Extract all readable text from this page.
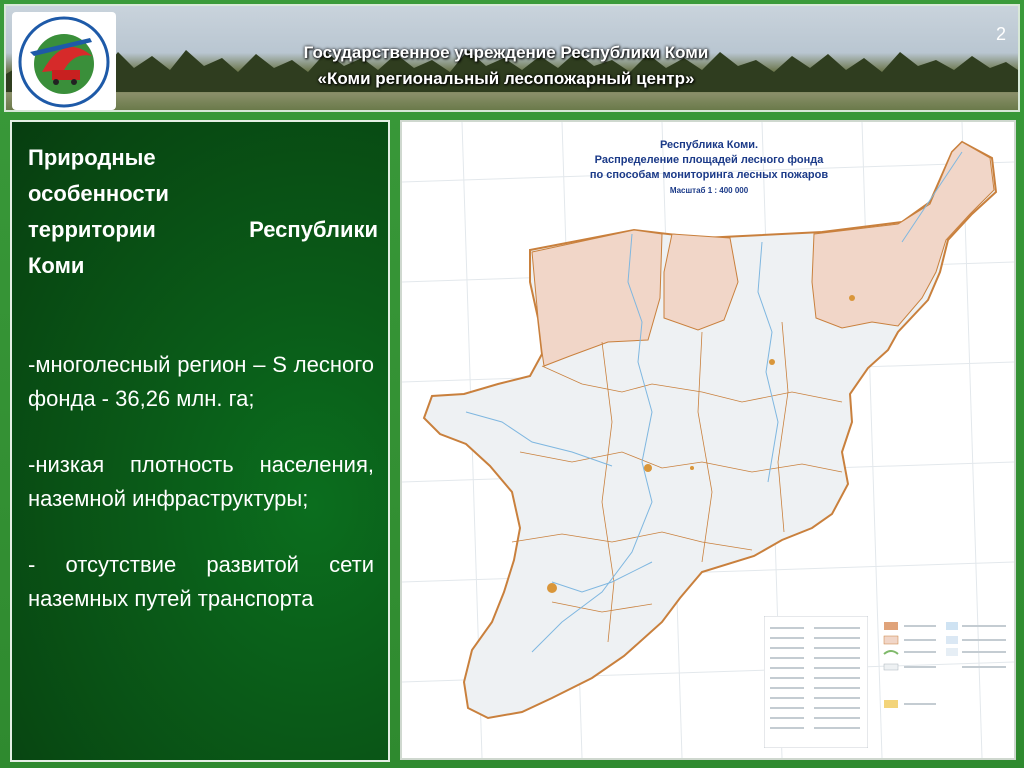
Государственное учреждение Республики Коми
«Коми региональный лесопожарный центр»
2
Природные
особенности
территории	Республики
Коми
-многолесный регион – S лесного фонда - 36,26 млн. га;
-низкая плотность населения, наземной инфраструктуры;
- отсутствие развитой сети наземных путей транспорта
Республика Коми.
Распределение площадей лесного фонда
по способам мониторинга лесных пожаров
Масштаб 1 : 400 000
